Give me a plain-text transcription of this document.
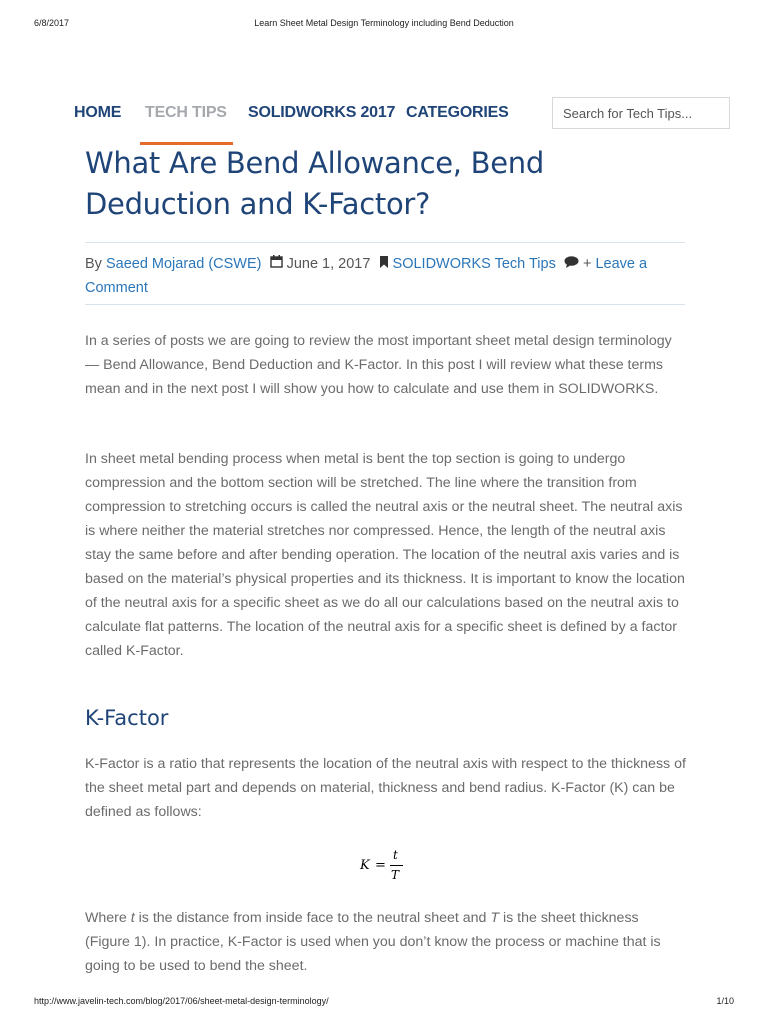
6/8/2017	Learn Sheet Metal Design Terminology including Bend Deduction
HOME TECH TIPS SOLIDWORKS 2017 CATEGORIES	Search for Tech Tips...
What Are Bend Allowance, Bend Deduction and K-Factor?
By Saeed Mojarad (CSWE) June 1, 2017 SOLIDWORKS Tech Tips + Leave a Comment

In a series of posts we are going to review the most important sheet metal design terminology — Bend Allowance, Bend Deduction and K-Factor. In this post I will review what these terms mean and in the next post I will show you how to calculate and use them in SOLIDWORKS.

In sheet metal bending process when metal is bent the top section is going to undergo compression and the bottom section will be stretched. The line where the transition from compression to stretching occurs is called the neutral axis or the neutral sheet. The neutral axis is where neither the material stretches nor compressed. Hence, the length of the neutral axis stay the same before and after bending operation. The location of the neutral axis varies and is based on the material’s physical properties and its thickness. It is important to know the location of the neutral axis for a specific sheet as we do all our calculations based on the neutral axis to calculate flat patterns. The location of the neutral axis for a specific sheet is defined by a factor called K-Factor.

K-Factor

K-Factor is a ratio that represents the location of the neutral axis with respect to the thickness of the sheet metal part and depends on material, thickness and bend radius. K-Factor (K) can be defined as follows:

K =
t
T

Where t is the distance from inside face to the neutral sheet and T is the sheet thickness (Figure 1). In practice, K-Factor is used when you don’t know the process or machine that is going to be used to bend the sheet.

http://www.javelin-tech.com/blog/2017/06/sheet-metal-design-terminology/	1/10
